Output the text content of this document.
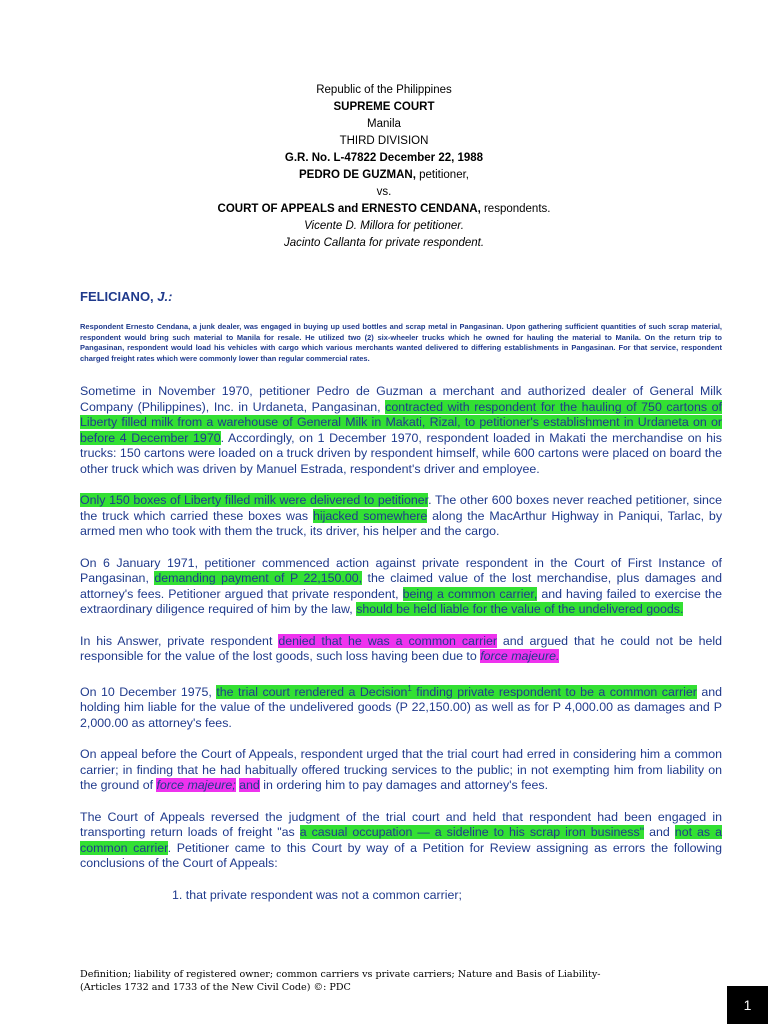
Republic of the Philippines
SUPREME COURT
Manila
THIRD DIVISION
G.R. No. L-47822 December 22, 1988
PEDRO DE GUZMAN, petitioner,
vs.
COURT OF APPEALS and ERNESTO CENDANA, respondents.
Vicente D. Millora for petitioner.
Jacinto Callanta for private respondent.
FELICIANO, J.:
Respondent Ernesto Cendana, a junk dealer, was engaged in buying up used bottles and scrap metal in Pangasinan. Upon gathering sufficient quantities of such scrap material, respondent would bring such material to Manila for resale. He utilized two (2) six-wheeler trucks which he owned for hauling the material to Manila. On the return trip to Pangasinan, respondent would load his vehicles with cargo which various merchants wanted delivered to differing establishments in Pangasinan. For that service, respondent charged freight rates which were commonly lower than regular commercial rates.

Sometime in November 1970, petitioner Pedro de Guzman a merchant and authorized dealer of General Milk Company (Philippines), Inc. in Urdaneta, Pangasinan, contracted with respondent for the hauling of 750 cartons of Liberty filled milk from a warehouse of General Milk in Makati, Rizal, to petitioner's establishment in Urdaneta on or before 4 December 1970. Accordingly, on 1 December 1970, respondent loaded in Makati the merchandise on his trucks: 150 cartons were loaded on a truck driven by respondent himself, while 600 cartons were placed on board the other truck which was driven by Manuel Estrada, respondent's driver and employee.

Only 150 boxes of Liberty filled milk were delivered to petitioner. The other 600 boxes never reached petitioner, since the truck which carried these boxes was hijacked somewhere along the MacArthur Highway in Paniqui, Tarlac, by armed men who took with them the truck, its driver, his helper and the cargo.

On 6 January 1971, petitioner commenced action against private respondent in the Court of First Instance of Pangasinan, demanding payment of P 22,150.00, the claimed value of the lost merchandise, plus damages and attorney's fees. Petitioner argued that private respondent, being a common carrier, and having failed to exercise the extraordinary diligence required of him by the law, should be held liable for the value of the undelivered goods.

In his Answer, private respondent denied that he was a common carrier and argued that he could not be held responsible for the value of the lost goods, such loss having been due to force majeure.

On 10 December 1975, the trial court rendered a Decision$^1$ finding private respondent to be a common carrier and holding him liable for the value of the undelivered goods (P 22,150.00) as well as for P 4,000.00 as damages and P 2,000.00 as attorney's fees.

On appeal before the Court of Appeals, respondent urged that the trial court had erred in considering him a common carrier; in finding that he had habitually offered trucking services to the public; in not exempting him from liability on the ground of force majeure; and in ordering him to pay damages and attorney's fees.

The Court of Appeals reversed the judgment of the trial court and held that respondent had been engaged in transporting return loads of freight "as a casual occupation — a sideline to his scrap iron business" and not as a common carrier. Petitioner came to this Court by way of a Petition for Review assigning as errors the following conclusions of the Court of Appeals:

1. that private respondent was not a common carrier;

Definition; liability of registered owner; common carriers vs private carriers; Nature and Basis of Liability-
(Articles 1732 and 1733 of the New Civil Code) ©: PDC
1
